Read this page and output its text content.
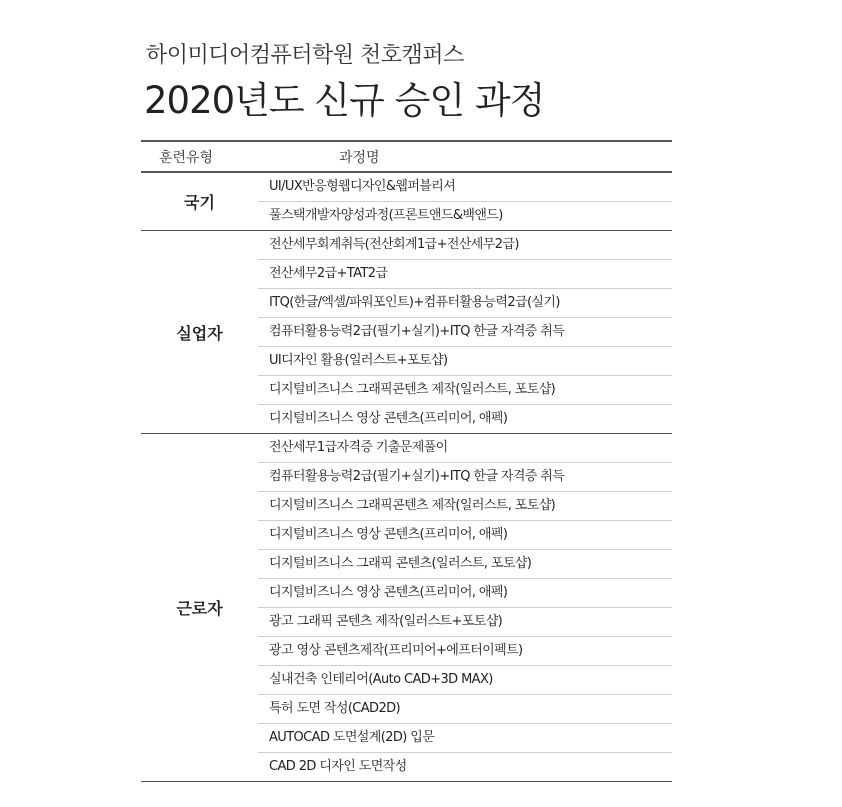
하이미디어컴퓨터학원 천호캠퍼스
2020년도 신규 승인 과정
훈련유형	과정명
국기
UI/UX반응형웹디자인&웹퍼블리셔
풀스택개발자양성과정(프론트앤드&백앤드)
실업자
전산세무회계취득(전산회계1급+전산세무2급)
전산세무2급+TAT2급
ITQ(한글/엑셀/파워포인트)+컴퓨터활용능력2급(실기)
컴퓨터활용능력2급(필기+실기)+ITQ 한글 자격증 취득
UI디자인 활용(일러스트+포토샵)
디지털비즈니스 그래픽콘텐츠 제작(일러스트, 포토샵)
디지털비즈니스 영상 콘텐츠(프리미어, 애펙)
근로자
전산세무1급자격증 기출문제풀이
컴퓨터활용능력2급(필기+실기)+ITQ 한글 자격증 취득
디지털비즈니스 그래픽콘텐츠 제작(일러스트, 포토샵)
디지털비즈니스 영상 콘텐츠(프리미어, 애펙)
디지털비즈니스 그래픽 콘텐츠(일러스트, 포토샵)
디지털비즈니스 영상 콘텐츠(프리미어, 애펙)
광고 그래픽 콘텐츠 제작(일러스트+포토샵)
광고 영상 콘텐츠제작(프리미어+에프터이펙트)
실내건축 인테리어(Auto CAD+3D MAX)
특허 도면 작성(CAD2D)
AUTOCAD 도면설계(2D) 입문
CAD 2D 디자인 도면작성
